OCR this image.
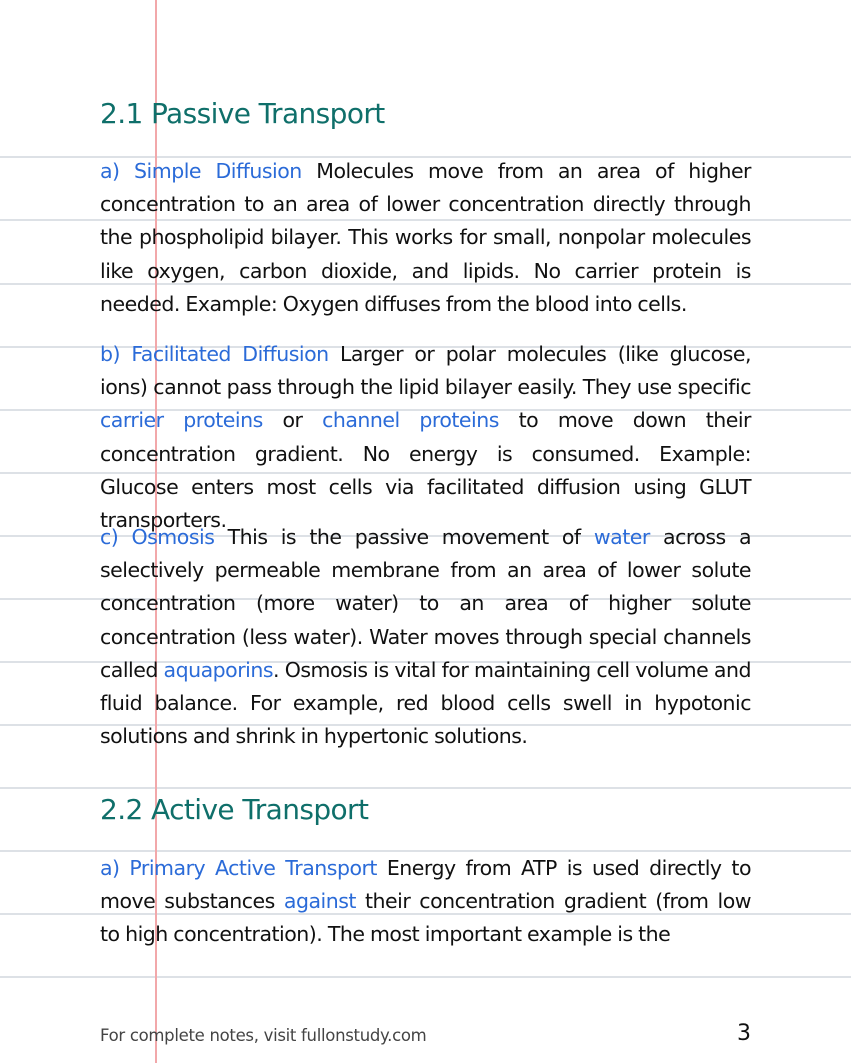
2.1 Passive Transport

a) Simple Diffusion Molecules move from an area of higher concentration to an area of lower concentration directly through the phospholipid bilayer. This works for small, nonpolar molecules like oxygen, carbon dioxide, and lipids. No carrier protein is needed. Example: Oxygen diffuses from the blood into cells.

b) Facilitated Diffusion Larger or polar molecules (like glucose, ions) cannot pass through the lipid bilayer easily. They use specific carrier proteins or channel proteins to move down their concentration gradient. No energy is consumed. Example: Glucose enters most cells via facilitated diffusion using GLUT transporters.

c) Osmosis This is the passive movement of water across a selectively permeable membrane from an area of lower solute concentration (more water) to an area of higher solute concentration (less water). Water moves through special channels called aquaporins. Osmosis is vital for maintaining cell volume and fluid balance. For example, red blood cells swell in hypotonic solutions and shrink in hypertonic solutions.

2.2 Active Transport

a) Primary Active Transport Energy from ATP is used directly to move substances against their concentration gradient (from low to high concentration). The most important example is the

For complete notes, visit fullonstudy.com	3
